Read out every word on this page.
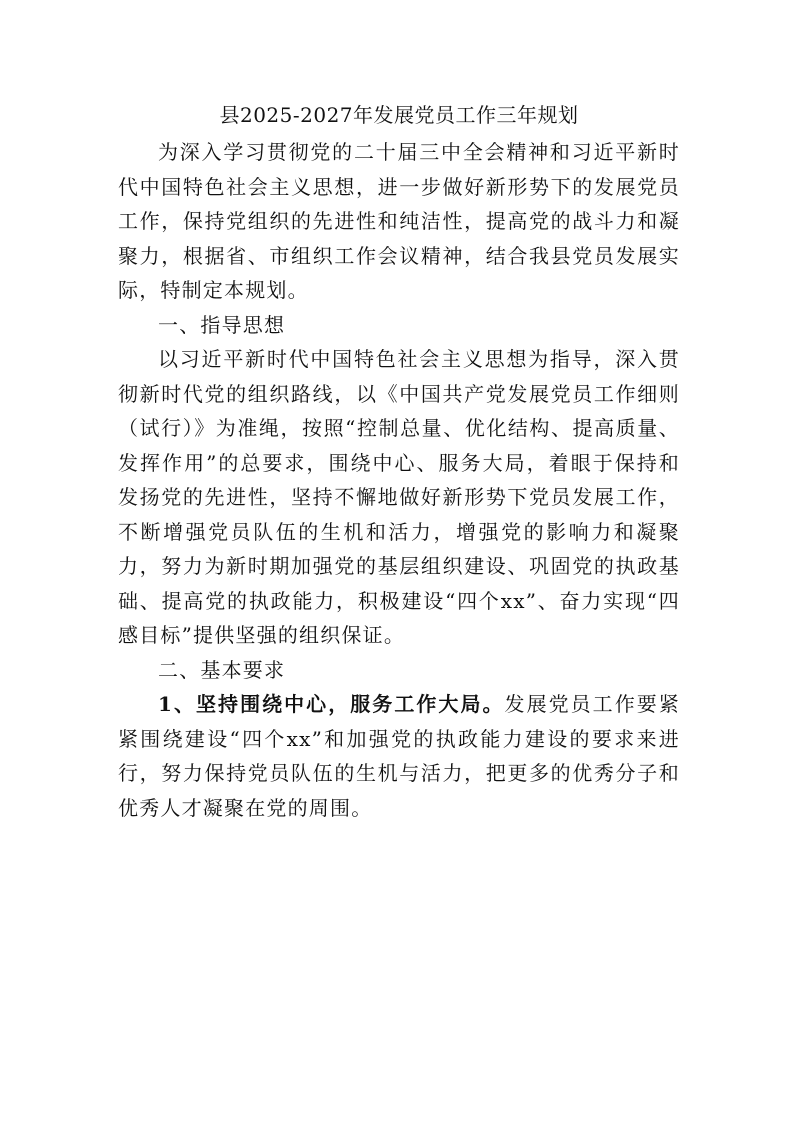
县2025-2027年发展党员工作三年规划

为深入学习贯彻党的二十届三中全会精神和习近平新时代中国特色社会主义思想，进一步做好新形势下的发展党员工作，保持党组织的先进性和纯洁性，提高党的战斗力和凝聚力，根据省、市组织工作会议精神，结合我县党员发展实际，特制定本规划。

一、指导思想

以习近平新时代中国特色社会主义思想为指导，深入贯彻新时代党的组织路线，以《中国共产党发展党员工作细则（试行）》为准绳，按照“控制总量、优化结构、提高质量、发挥作用”的总要求，围绕中心、服务大局，着眼于保持和发扬党的先进性，坚持不懈地做好新形势下党员发展工作，不断增强党员队伍的生机和活力，增强党的影响力和凝聚力，努力为新时期加强党的基层组织建设、巩固党的执政基础、提高党的执政能力，积极建设“四个xx”、奋力实现“四感目标”提供坚强的组织保证。

二、基本要求

1、坚持围绕中心，服务工作大局。发展党员工作要紧紧围绕建设“四个xx”和加强党的执政能力建设的要求来进行，努力保持党员队伍的生机与活力，把更多的优秀分子和优秀人才凝聚在党的周围。
